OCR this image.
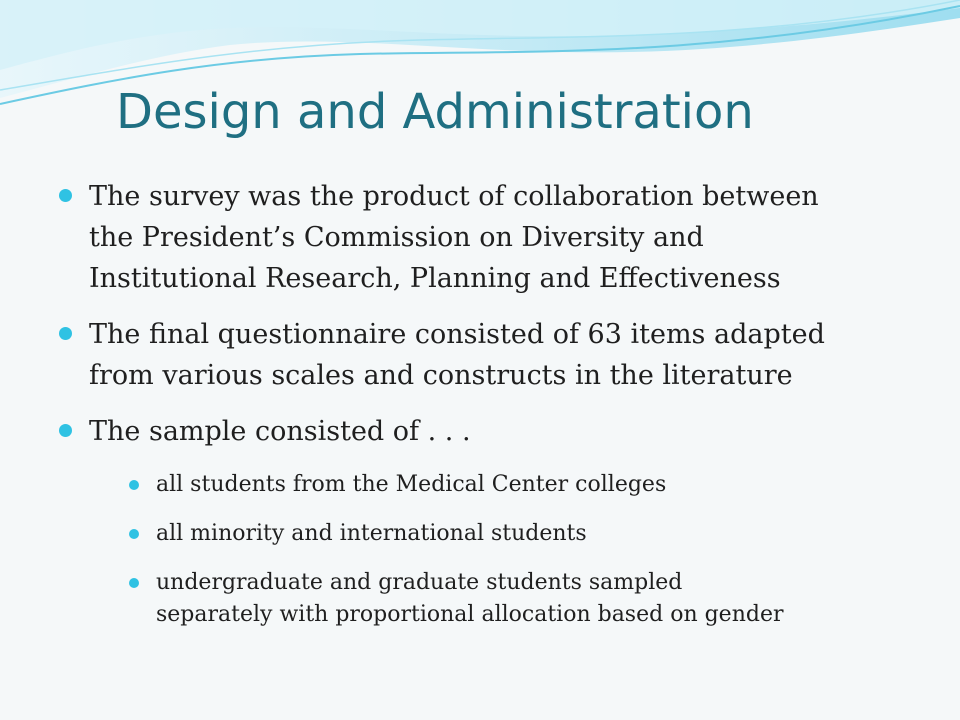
Design and Administration
The survey was the product of collaboration between
the President’s Commission on Diversity and
Institutional Research, Planning and Effectiveness
The final questionnaire consisted of 63 items adapted
from various scales and constructs in the literature
The sample consisted of . . .
all students from the Medical Center colleges
all minority and international students
undergraduate and graduate students sampled
separately with proportional allocation based on gender
